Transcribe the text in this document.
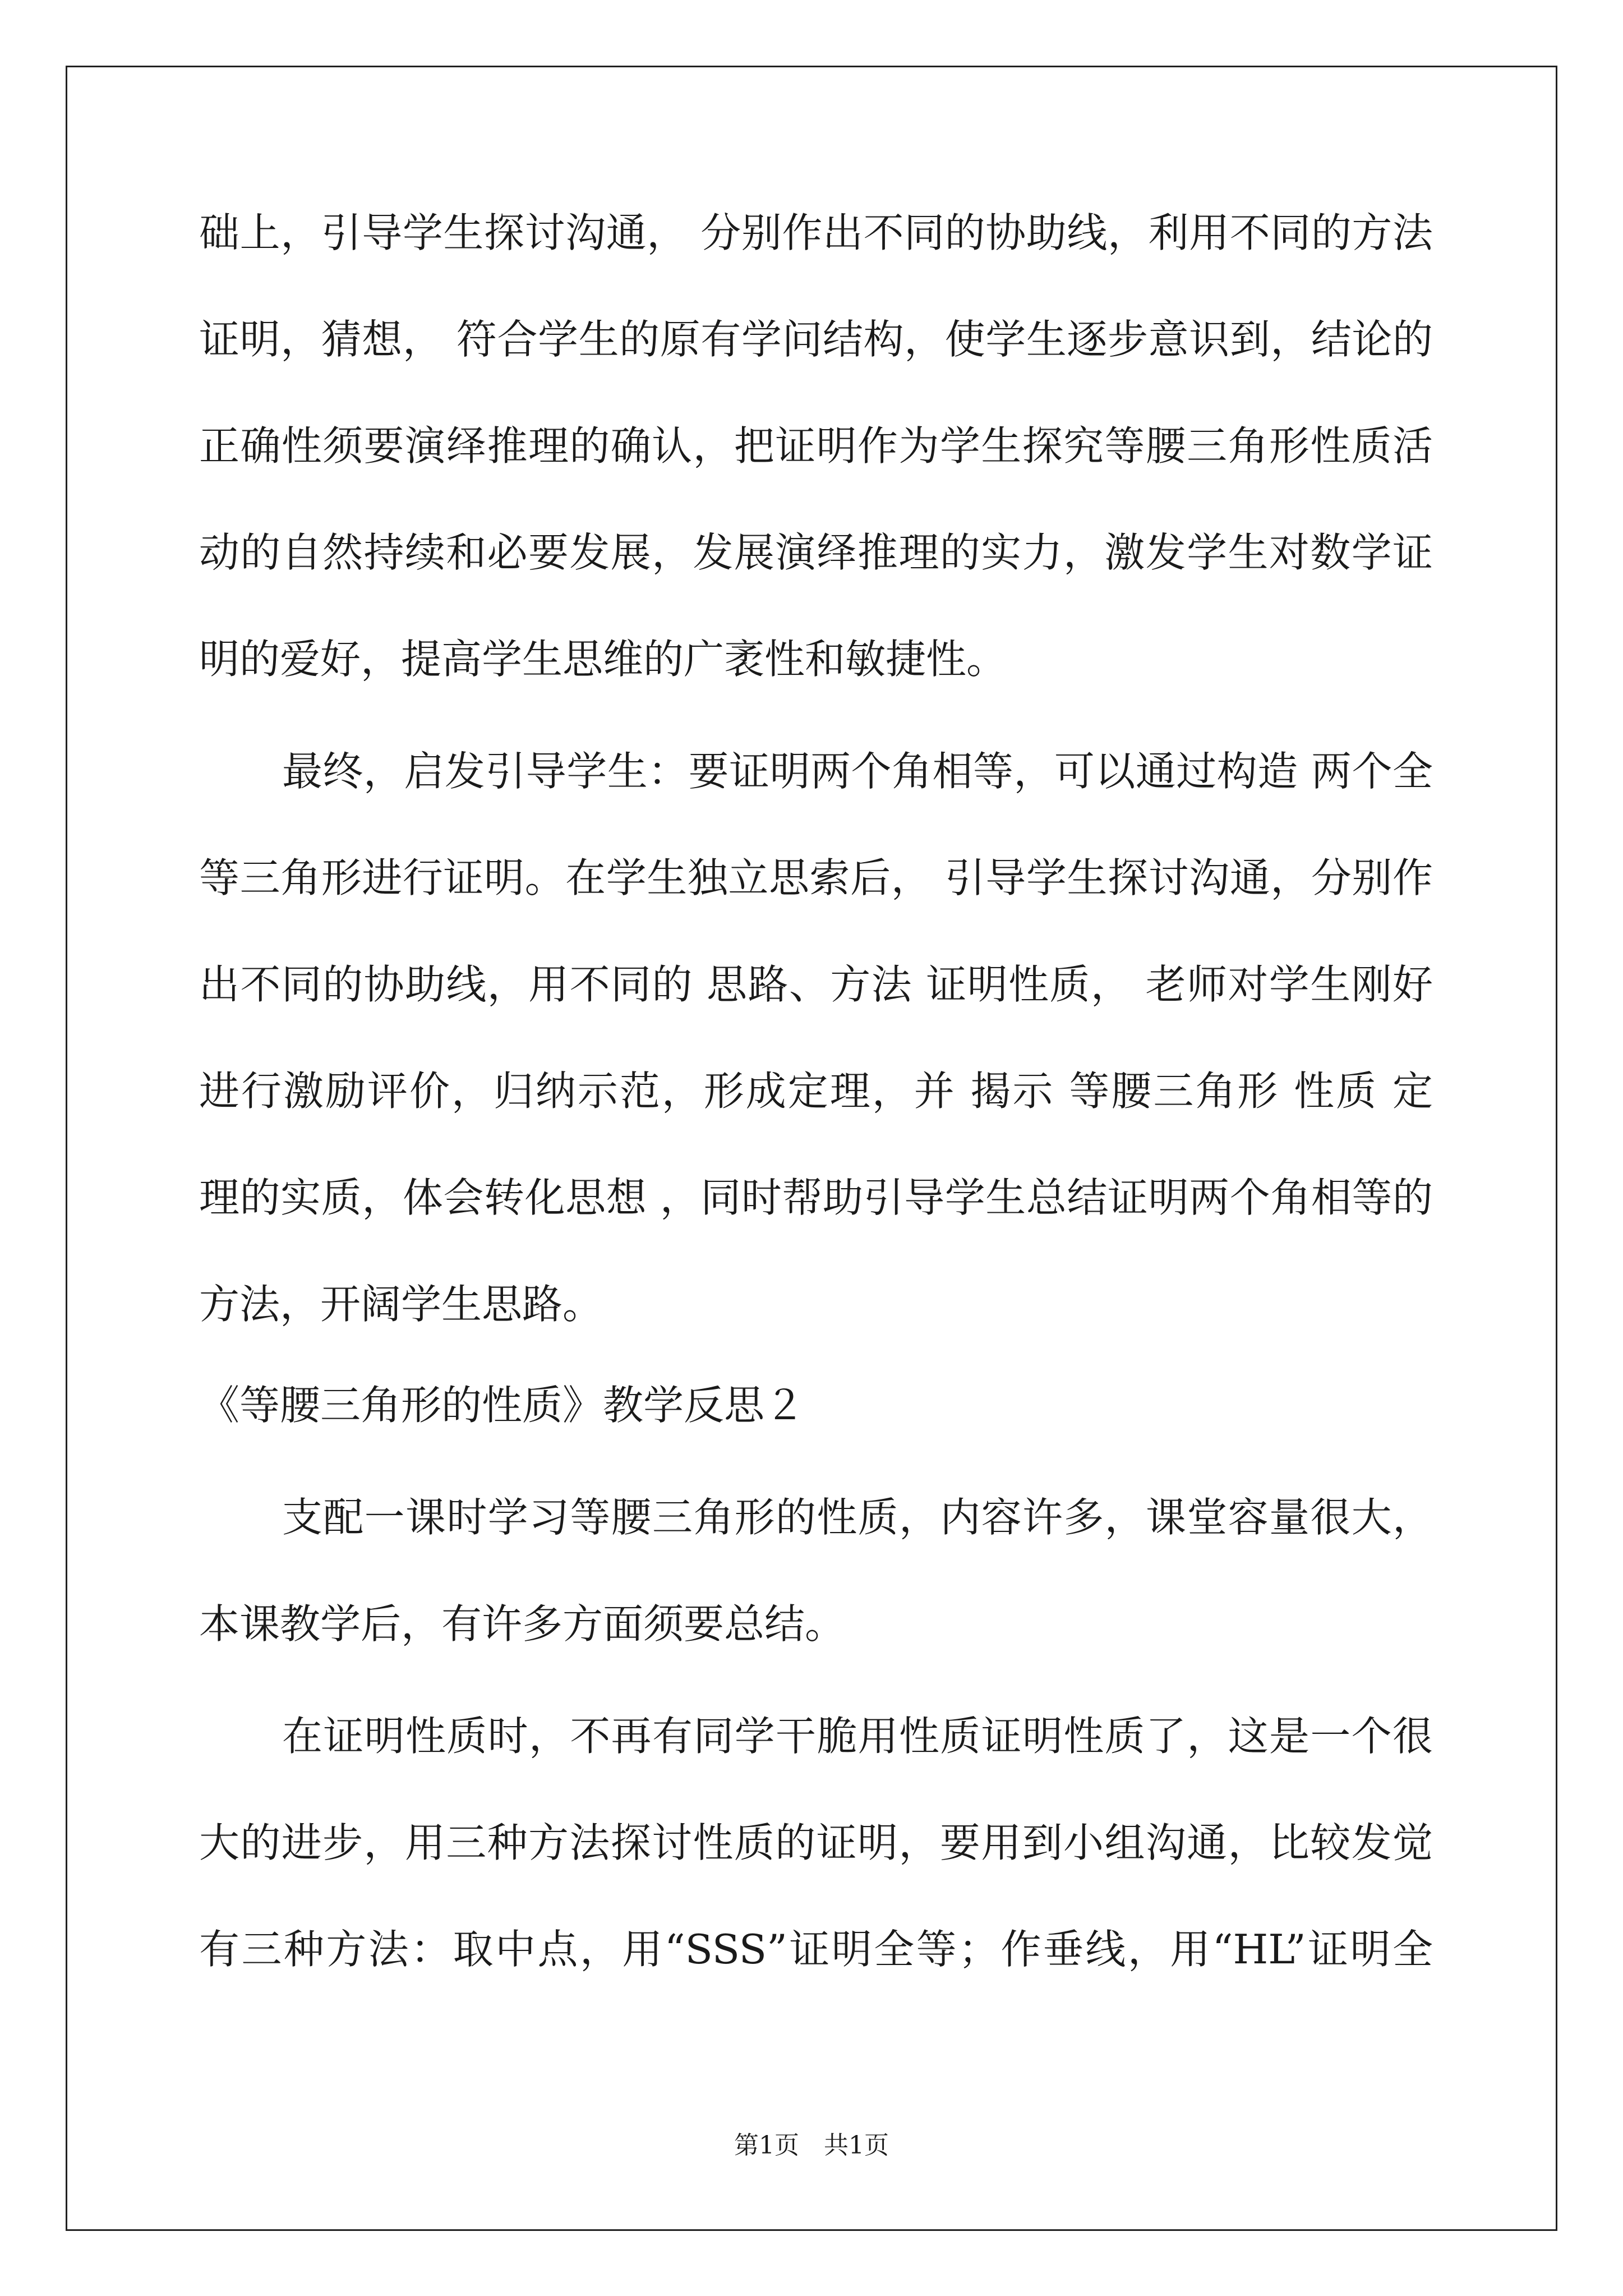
础上，引导学生探讨沟通， 分别作出不同的协助线，利用不同的方法
证明，猜想， 符合学生的原有学问结构，使学生逐步意识到，结论的
正确性须要演绎推理的确认，把证明作为学生探究等腰三角形性质活
动的自然持续和必要发展，发展演绎推理的实力，激发学生对数学证
明的爱好，提高学生思维的广袤性和敏捷性。
最终，启发引导学生：要证明两个角相等，可以通过构造 两个全
等三角形进行证明。在学生独立思索后， 引导学生探讨沟通，分别作
出不同的协助线，用不同的 思路、方法 证明性质， 老师对学生刚好
进行激励评价，归纳示范，形成定理，并 揭示 等腰三角形 性质 定
理的实质，体会转化思想 ，同时帮助引导学生总结证明两个角相等的
方法，开阔学生思路。
《等腰三角形的性质》教学反思２
支配一课时学习等腰三角形的性质，内容许多，课堂容量很大，
本课教学后，有许多方面须要总结。
在证明性质时，不再有同学干脆用性质证明性质了，这是一个很
大的进步，用三种方法探讨性质的证明，要用到小组沟通，比较发觉
有三种方法：取中点，用“SSS”证明全等；作垂线，用“HL”证明全
第1页　共1页
